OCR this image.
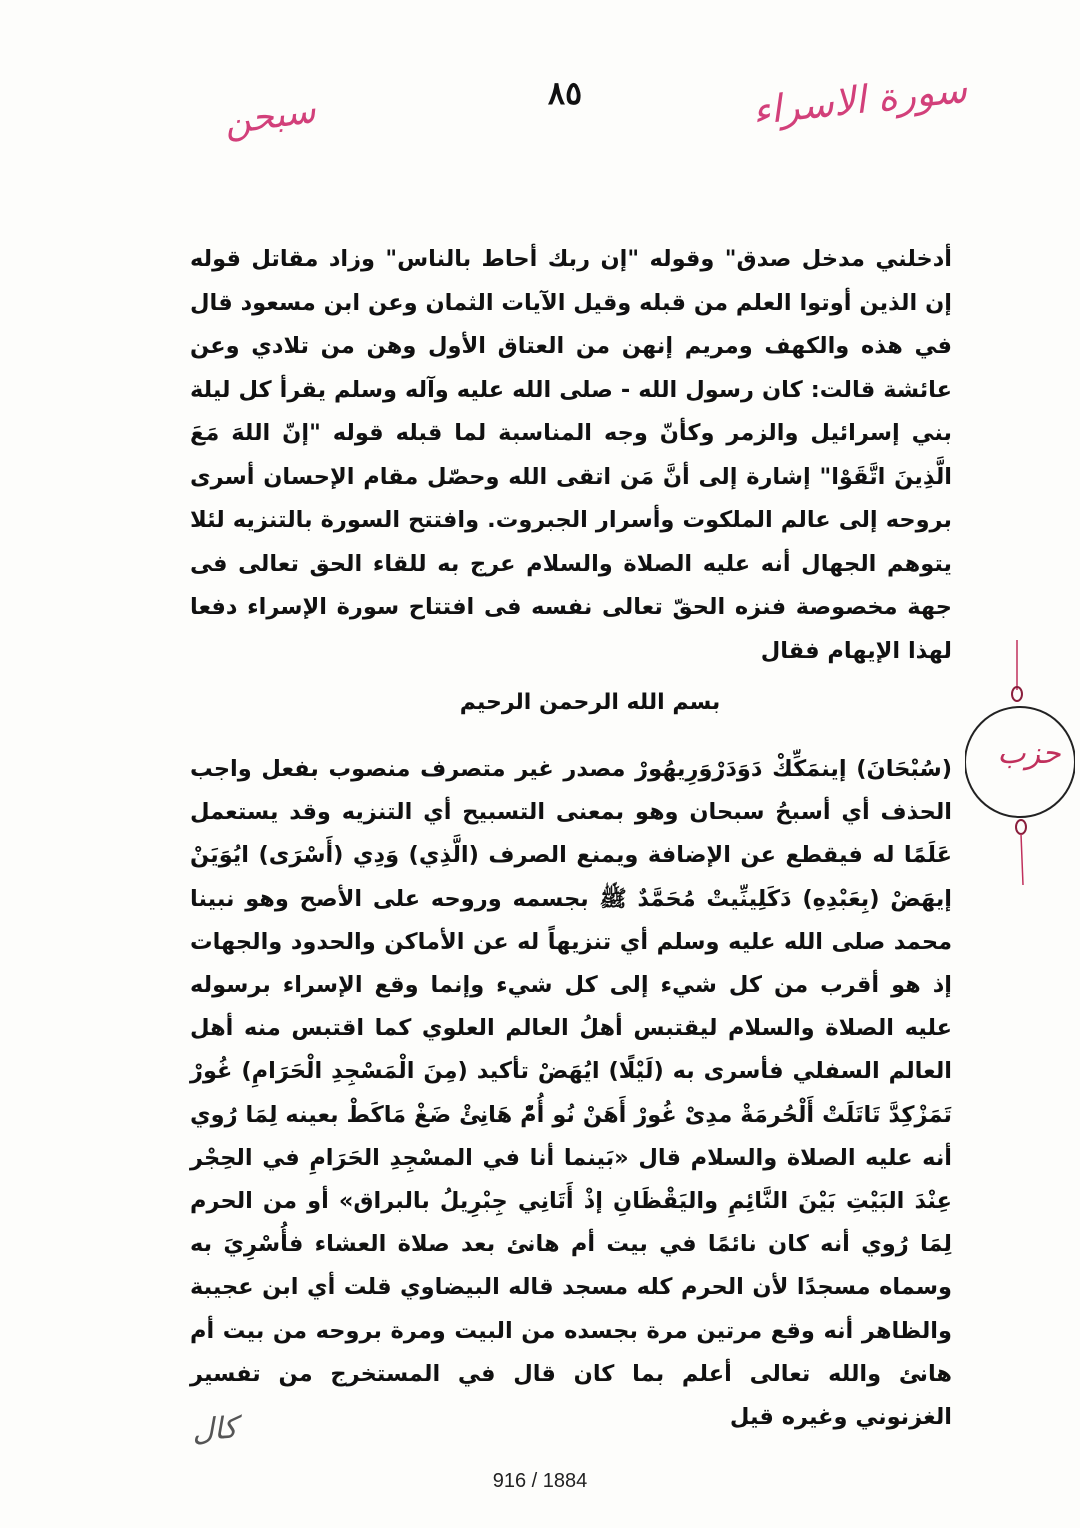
سبحن	٨٥	سورة الاسراء
أدخلني مدخل صدق" وقوله "إن ربك أحاط بالناس" وزاد مقاتل قوله إن الذين أوتوا العلم من قبله وقيل الآيات الثمان وعن ابن مسعود قال في هذه والكهف ومريم إنهن من العتاق الأول وهن من تلادي وعن عائشة قالت: كان رسول الله - صلى الله عليه وآله وسلم يقرأ كل ليلة بني إسرائيل والزمر وكأنّ وجه المناسبة لما قبله قوله "إنّ اللهَ مَعَ الَّذِينَ اتَّقَوْا" إشارة إلى أنَّ مَن اتقى الله وحصّل مقام الإحسان أسرى بروحه إلى عالم الملكوت وأسرار الجبروت. وافتتح السورة بالتنزيه لئلا يتوهم الجهال أنه عليه الصلاة والسلام عرج به للقاء الحق تعالى فى جهة مخصوصة فنزه الحقّ تعالى نفسه فى افتتاح سورة الإسراء دفعا لهذا الإيهام فقال
بسم الله الرحمن الرحيم
حزب
(سُبْحَانَ) إينمَكِّكْ دَوَدَرْوَرِيهُورْ مصدر غير متصرف منصوب بفعل واجب الحذف أي أسبحُ سبحان وهو بمعنى التسبيح أي التنزيه وقد يستعمل عَلَمًا له فيقطع عن الإضافة ويمنع الصرف (الَّذِي) وَدِي (أَسْرَى) ايُوَيَنْ إيهَضْ (بِعَبْدِهِ) دَكَلِينِّيتْ مُحَمَّدٌ ﷺ بجسمه وروحه على الأصح وهو نبينا محمد صلى الله عليه وسلم أي تنزيهاً له عن الأماكن والحدود والجهات إذ هو أقرب من كل شيء إلى كل شيء وإنما وقع الإسراء برسوله عليه الصلاة والسلام ليقتبس أهلُ العالم العلوي كما اقتبس منه أهل العالم السفلي فأسرى به (لَيْلًا) ايُهَضْ تأكيد (مِنَ الْمَسْجِدِ الْحَرَامِ) غُورْ تَمَزْكِدَّ تَاتَلَتْ أَلْحُرمَةْ مدِىْ غُورْ أَهَنْ نُو أُمّْ هَانِئْ ضَغْ مَاكَطْ بعينه لِمَا رُوي أنه عليه الصلاة والسلام قال «بَينما أنا في المسْجِدِ الحَرَامِ في الحِجْر عِنْدَ البَيْتِ بَيْنَ النَّائِمِ واليَقْظَانِ إذْ أَتَانِي جِبْرِيلُ بالبراق» أو من الحرم لِمَا رُوي أنه كان نائمًا في بيت أم هانئ بعد صلاة العشاء فأُسْرِيَ به وسماه مسجدًا لأن الحرم كله مسجد قاله البيضاوي قلت أي ابن عجيبة والظاهر أنه وقع مرتين مرة بجسده من البيت ومرة بروحه من بيت أم هانئ والله تعالى أعلم بما كان قال في المستخرج من تفسير الغزنوني وغيره قيل
كال
916 / 1884
